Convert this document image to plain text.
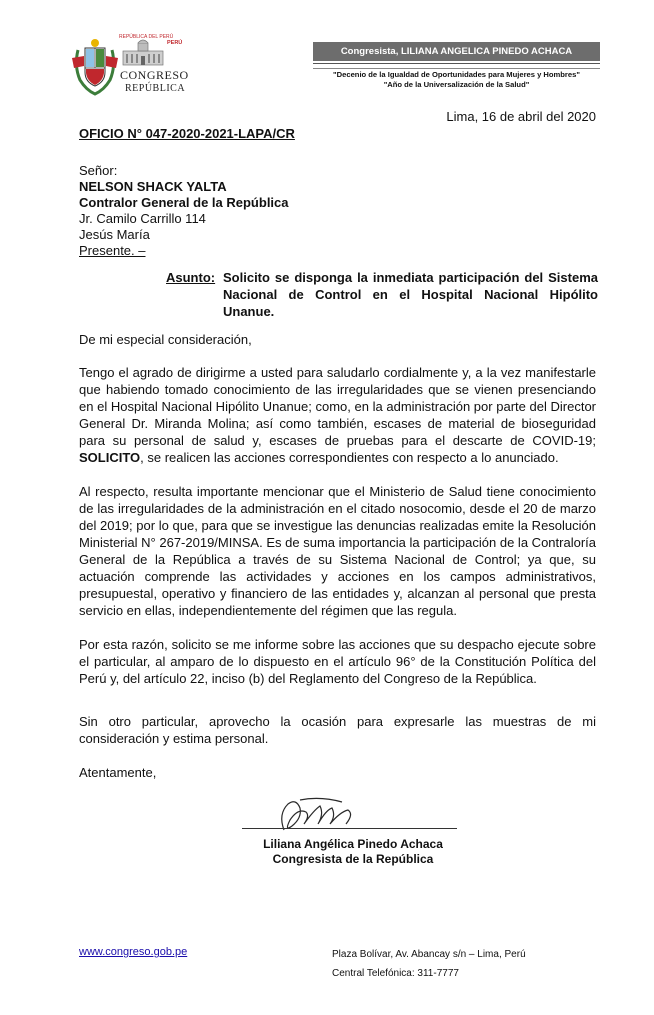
REPÚBLICA DEL PERÚ
PERÚ
CONGRESO
REPÚBLICA
Congresista, LILIANA ANGELICA PINEDO ACHACA
"Decenio de la Igualdad de Oportunidades para Mujeres y Hombres"
"Año de la Universalización de la Salud"
Lima, 16 de abril del 2020
OFICIO N° 047-2020-2021-LAPA/CR
Señor:
NELSON SHACK YALTA
Contralor General de la República
Jr. Camilo Carrillo 114
Jesús María
Presente. –
Asunto: Solicito se disponga la inmediata participación del Sistema Nacional de Control en el Hospital Nacional Hipólito Unanue.
De mi especial consideración,
Tengo el agrado de dirigirme a usted para saludarlo cordialmente y, a la vez manifestarle que habiendo tomado conocimiento de las irregularidades que se vienen presenciando en el Hospital Nacional Hipólito Unanue; como, en la administración por parte del Director General Dr. Miranda Molina; así como también, escases de material de bioseguridad para su personal de salud y, escases de pruebas para el descarte de COVID-19; SOLICITO, se realicen las acciones correspondientes con respecto a lo anunciado.
Al respecto, resulta importante mencionar que el Ministerio de Salud tiene conocimiento de las irregularidades de la administración en el citado nosocomio, desde el 20 de marzo del 2019; por lo que, para que se investigue las denuncias realizadas emite la Resolución Ministerial N° 267-2019/MINSA. Es de suma importancia la participación de la Contraloría General de la República a través de su Sistema Nacional de Control; ya que, su actuación comprende las actividades y acciones en los campos administrativos, presupuestal, operativo y financiero de las entidades y, alcanzan al personal que presta servicio en ellas, independientemente del régimen que las regula.
Por esta razón, solicito se me informe sobre las acciones que su despacho ejecute sobre el particular, al amparo de lo dispuesto en el artículo 96° de la Constitución Política del Perú y, del artículo 22, inciso (b) del Reglamento del Congreso de la República.
Sin otro particular, aprovecho la ocasión para expresarle las muestras de mi consideración y estima personal.
Atentamente,
Liliana Angélica Pinedo Achaca
Congresista de la República
www.congreso.gob.pe	Plaza Bolívar, Av. Abancay s/n – Lima, Perú
Central Telefónica: 311-7777
